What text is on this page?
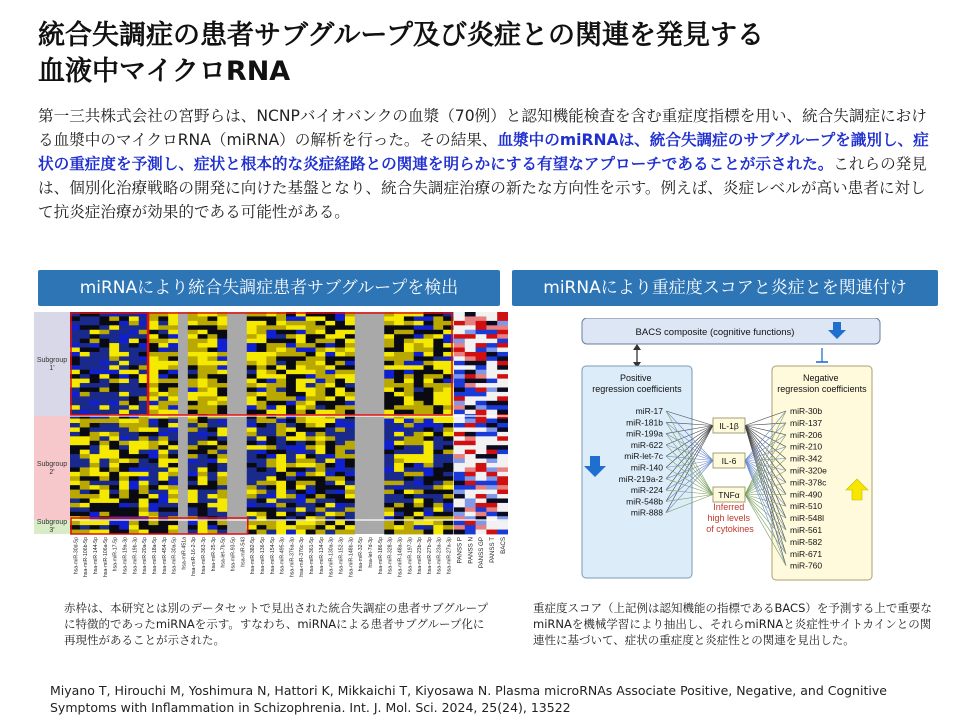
統合失調症の患者サブグループ及び炎症との関連を発見する
血液中マイクロRNA
第一三共株式会社の宮野らは、NCNPバイオバンクの血漿（70例）と認知機能検査を含む重症度指標を用い、統合失調症における血漿中のマイクロRNA（miRNA）の解析を行った。その結果、血漿中のmiRNAは、統合失調症のサブグループを識別し、症状の重症度を予測し、症状と根本的な炎症経路との関連を明らかにする有望なアプローチであることが示された。これらの発見は、個別化治療戦略の開発に向けた基盤となり、統合失調症治療の新たな方向性を示す。例えば、炎症レベルが高い患者に対して抗炎症治療が効果的である可能性がある。
miRNAにより統合失調症患者サブグループを検出	miRNAにより重症度スコアと炎症とを関連付け
Subgroup 1'
Subgroup 2'
Subgroup 3'
hsa-miR-30d-5p hsa-miR-106b-5p hsa-miR-144-5p hsa-miR-106a-5p hsa-miR-17-5p hsa-miR-19a-3p hsa-miR-19b-3p hsa-miR-20a-5p hsa-miR-18a-5p hsa-miR-454-3p hsa-miR-30a-5p hsa-miR-451a hsa-miR-16-2-3p hsa-miR-363-3p hsa-miR-25-3p hsa-let-7b-5p hsa-miR-93-5p hsa-miR-543 hsa-miR-382-5p hsa-miR-136-5p hsa-miR-154-5p hsa-miR-495-3p hsa-miR-376a-3p hsa-miR-376c-3p hsa-miR-361-5p hsa-miR-134-5p hsa-miR-130a-3p hsa-miR-152-3p hsa-miR-148b-3p hsa-miR-32-5p hsa-let-7d-3p hsa-miR-186-5p hsa-miR-328-3p hsa-miR-148a-3p hsa-miR-197-3p hsa-miR-23b-3p hsa-miR-27b-3p hsa-miR-23a-3p hsa-miR-27a-3p PANSS P PANSS N PANSS GP PANSS T BACS
BACS composite (cognitive functions)
Positive regression coefficients
Negative regression coefficients
miR-17
miR-181b
miR-199a
miR-622
miR-let-7c
miR-140
miR-219a-2
miR-224
miR-548b
miR-888
miR-30b
miR-137
miR-206
miR-210
miR-342
miR-320e
miR-378c
miR-490
miR-510
miR-548l
miR-561
miR-582
miR-671
miR-760
IL-1β
IL-6
TNFα
Inferred high levels of cytokines
赤枠は、本研究とは別のデータセットで見出された統合失調症の患者サブグループに特徴的であったmiRNAを示す。すなわち、miRNAによる患者サブグループ化に再現性があることが示された。
重症度スコア（上記例は認知機能の指標であるBACS）を予測する上で重要なmiRNAを機械学習により抽出し、それらmiRNAと炎症性サイトカインとの関連性に基づいて、症状の重症度と炎症性との関連を見出した。
Miyano T, Hirouchi M, Yoshimura N, Hattori K, Mikkaichi T, Kiyosawa N. Plasma microRNAs Associate Positive, Negative, and Cognitive Symptoms with Inflammation in Schizophrenia. Int. J. Mol. Sci. 2024, 25(24), 13522
